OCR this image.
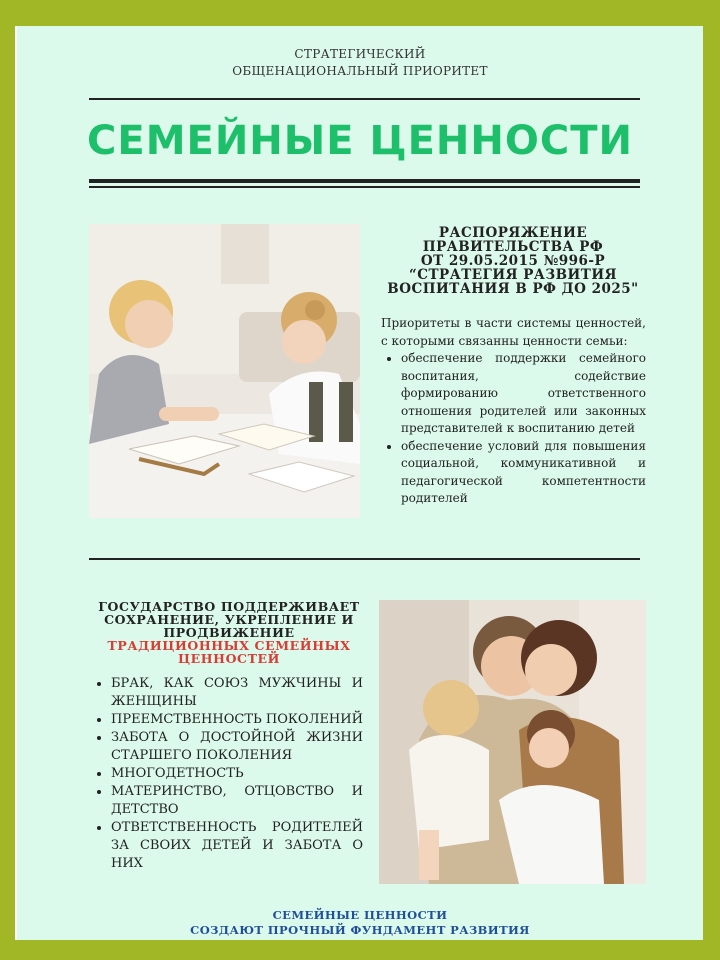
СТРАТЕГИЧЕСКИЙ
ОБЩЕНАЦИОНАЛЬНЫЙ ПРИОРИТЕТ
СЕМЕЙНЫЕ ЦЕННОСТИ
РАСПОРЯЖЕНИЕ
ПРАВИТЕЛЬСТВА РФ
ОТ 29.05.2015 №996-Р
“СТРАТЕГИЯ РАЗВИТИЯ
ВОСПИТАНИЯ В РФ ДО 2025"
Приоритеты в части системы ценностей, с которыми связанны ценности семьи:
• обеспечение поддержки семейного воспитания, содействие формированию ответственного отношения родителей или законных представителей к воспитанию детей
• обеспечение условий для повышения социальной, коммуникативной и педагогической компетентности родителей
ГОСУДАРСТВО ПОДДЕРЖИВАЕТ
СОХРАНЕНИЕ, УКРЕПЛЕНИЕ И
ПРОДВИЖЕНИЕ
ТРАДИЦИОННЫХ СЕМЕЙНЫХ
ЦЕННОСТЕЙ
• БРАК, КАК СОЮЗ МУЖЧИНЫ И ЖЕНЩИНЫ
• ПРЕЕМСТВЕННОСТЬ ПОКОЛЕНИЙ
• ЗАБОТА О ДОСТОЙНОЙ ЖИЗНИ СТАРШЕГО ПОКОЛЕНИЯ
• МНОГОДЕТНОСТЬ
• МАТЕРИНСТВО, ОТЦОВСТВО И ДЕТСТВО
• ОТВЕТСТВЕННОСТЬ РОДИТЕЛЕЙ ЗА СВОИХ ДЕТЕЙ И ЗАБОТА О НИХ
СЕМЕЙНЫЕ ЦЕННОСТИ
СОЗДАЮТ ПРОЧНЫЙ ФУНДАМЕНТ РАЗВИТИЯ
